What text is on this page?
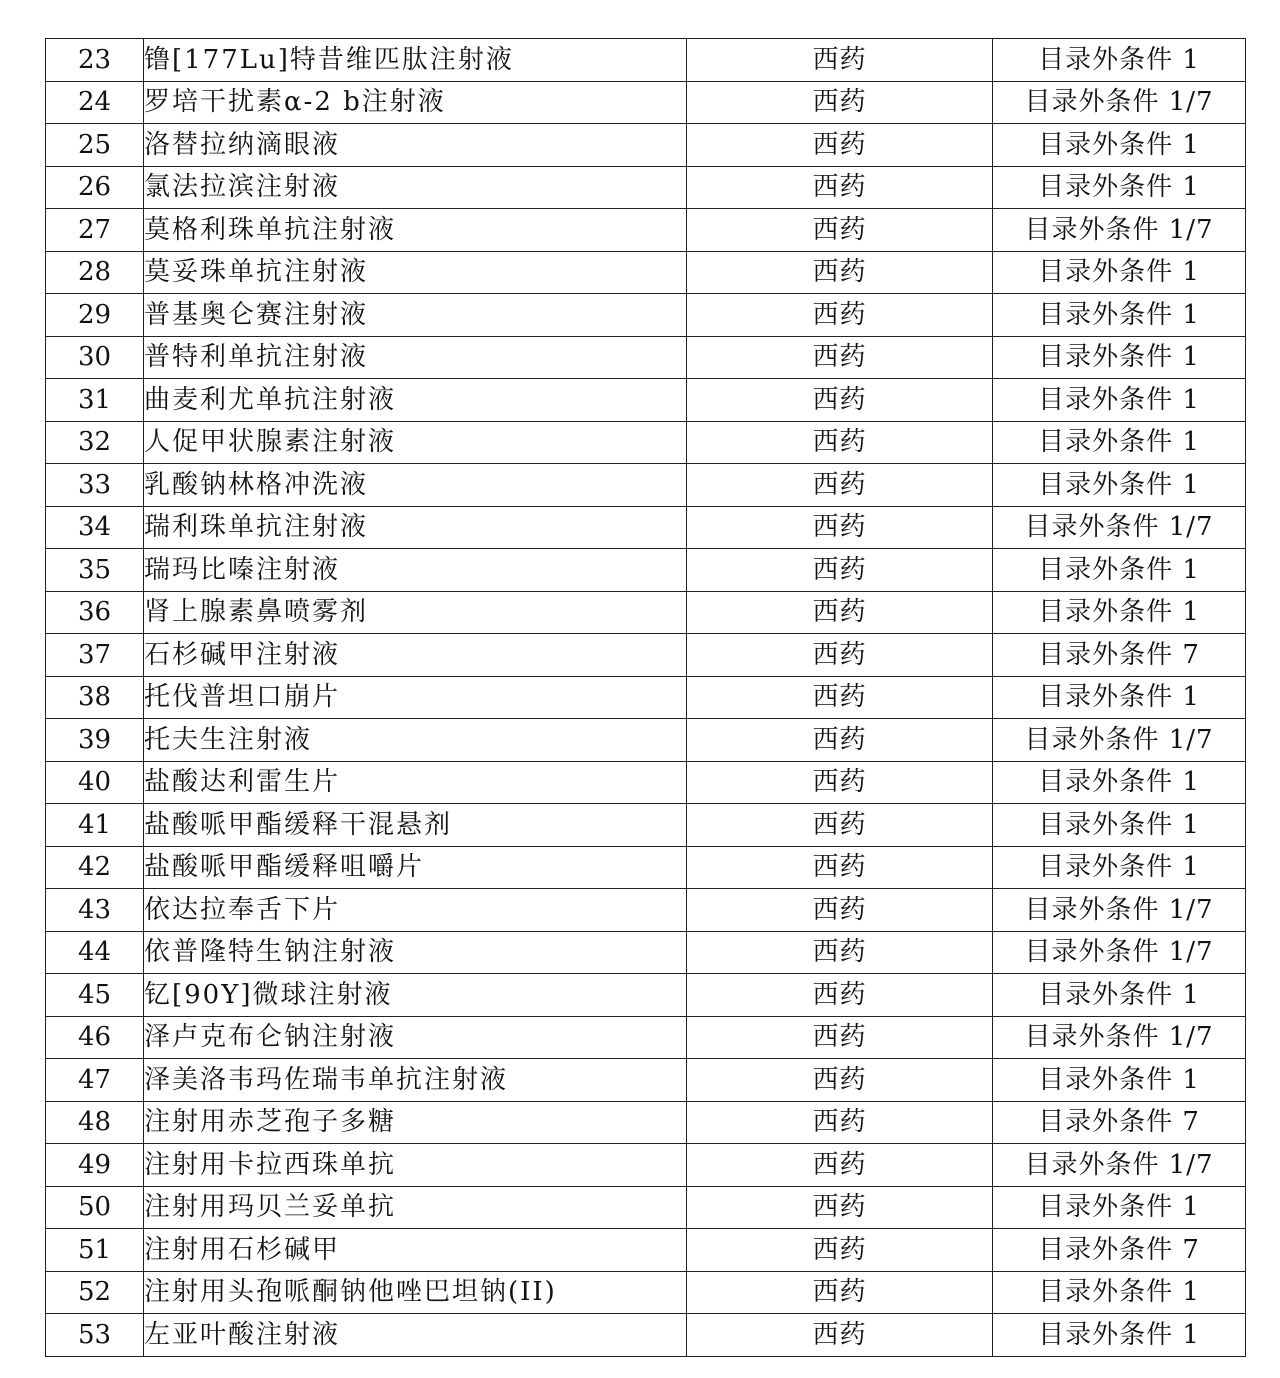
23	镥[177Lu]特昔维匹肽注射液	西药	目录外条件 1
24	罗培干扰素α-2 b注射液	西药	目录外条件 1/7
25	洛替拉纳滴眼液	西药	目录外条件 1
26	氯法拉滨注射液	西药	目录外条件 1
27	莫格利珠单抗注射液	西药	目录外条件 1/7
28	莫妥珠单抗注射液	西药	目录外条件 1
29	普基奥仑赛注射液	西药	目录外条件 1
30	普特利单抗注射液	西药	目录外条件 1
31	曲麦利尤单抗注射液	西药	目录外条件 1
32	人促甲状腺素注射液	西药	目录外条件 1
33	乳酸钠林格冲洗液	西药	目录外条件 1
34	瑞利珠单抗注射液	西药	目录外条件 1/7
35	瑞玛比嗪注射液	西药	目录外条件 1
36	肾上腺素鼻喷雾剂	西药	目录外条件 1
37	石杉碱甲注射液	西药	目录外条件 7
38	托伐普坦口崩片	西药	目录外条件 1
39	托夫生注射液	西药	目录外条件 1/7
40	盐酸达利雷生片	西药	目录外条件 1
41	盐酸哌甲酯缓释干混悬剂	西药	目录外条件 1
42	盐酸哌甲酯缓释咀嚼片	西药	目录外条件 1
43	依达拉奉舌下片	西药	目录外条件 1/7
44	依普隆特生钠注射液	西药	目录外条件 1/7
45	钇[90Y]微球注射液	西药	目录外条件 1
46	泽卢克布仑钠注射液	西药	目录外条件 1/7
47	泽美洛韦玛佐瑞韦单抗注射液	西药	目录外条件 1
48	注射用赤芝孢子多糖	西药	目录外条件 7
49	注射用卡拉西珠单抗	西药	目录外条件 1/7
50	注射用玛贝兰妥单抗	西药	目录外条件 1
51	注射用石杉碱甲	西药	目录外条件 7
52	注射用头孢哌酮钠他唑巴坦钠(II)	西药	目录外条件 1
53	左亚叶酸注射液	西药	目录外条件 1
